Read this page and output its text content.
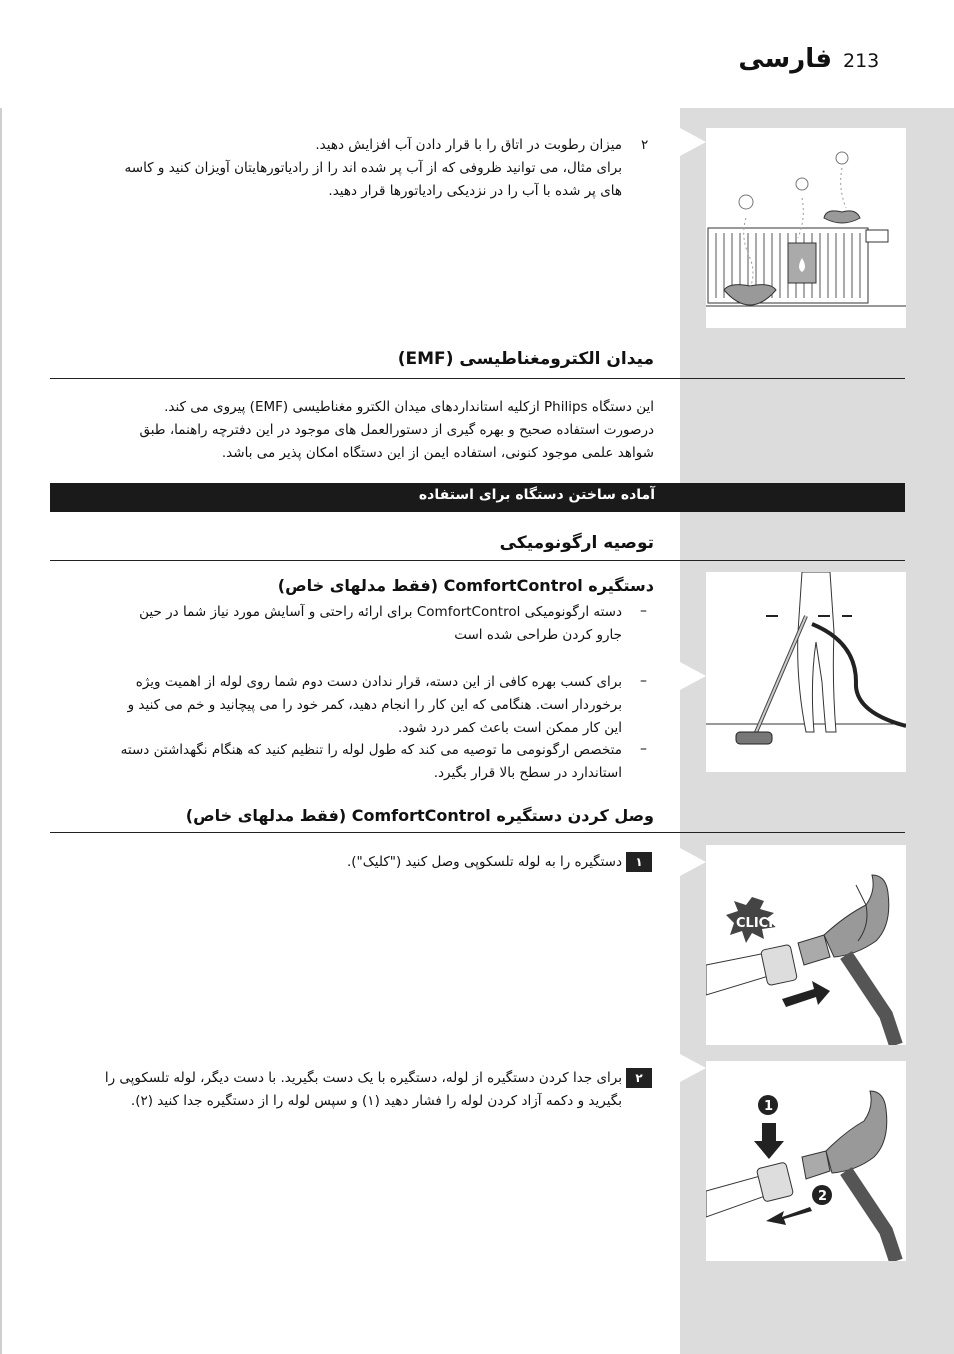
213
فارسی
۲
میزان رطوبت در اتاق را با قرار دادن آب افزایش دهید.
برای مثال، می توانید ظروفی که از آب پر شده اند را از رادیاتورهایتان آویزان کنید و کاسه
های پر شده با آب را در نزدیکی رادیاتورها قرار دهید.
میدان الکترومغناطیسی (EMF)
این دستگاه Philips ازکلیه استانداردهای میدان الکترو مغناطیسی (EMF) پیروی می کند.
درصورت استفاده صحیح و بهره گیری از دستورالعمل های موجود در این دفترچه راهنما، طبق
شواهد علمی موجود کنونی، استفاده ایمن از این دستگاه امکان پذیر می باشد.
آماده ساختن دستگاه برای استفاده
توصیه ارگونومیکی
دستگیره ComfortControl (فقط مدلهای خاص)
–
دسته ارگونومیکی ComfortControl برای ارائه راحتی و آسایش مورد نیاز شما در حین
جارو کردن طراحی شده است
–
برای کسب بهره کافی از این دسته، قرار ندادن دست دوم شما روی لوله از اهمیت ویژه
برخوردار است. هنگامی که این کار را انجام دهید، کمر خود را می پیچانید و خم می کنید و
این کار ممکن است باعث کمر درد شود.
–
متخصص ارگونومی ما توصیه می کند که طول لوله را تنظیم کنید که هنگام نگهداشتن دسته
استاندارد در سطح بالا قرار بگیرد.
وصل کردن دستگیره ComfortControl (فقط مدلهای خاص)
۱
دستگیره را به لوله تلسکوپی وصل کنید ("کلیک").
CLICK
۲
برای جدا کردن دستگیره از لوله، دستگیره با یک دست بگیرید. با دست دیگر، لوله تلسکوپی را
بگیرید و دکمه آزاد کردن لوله را فشار دهید (۱) و سپس لوله را از دستگیره جدا کنید (۲).	1
2
